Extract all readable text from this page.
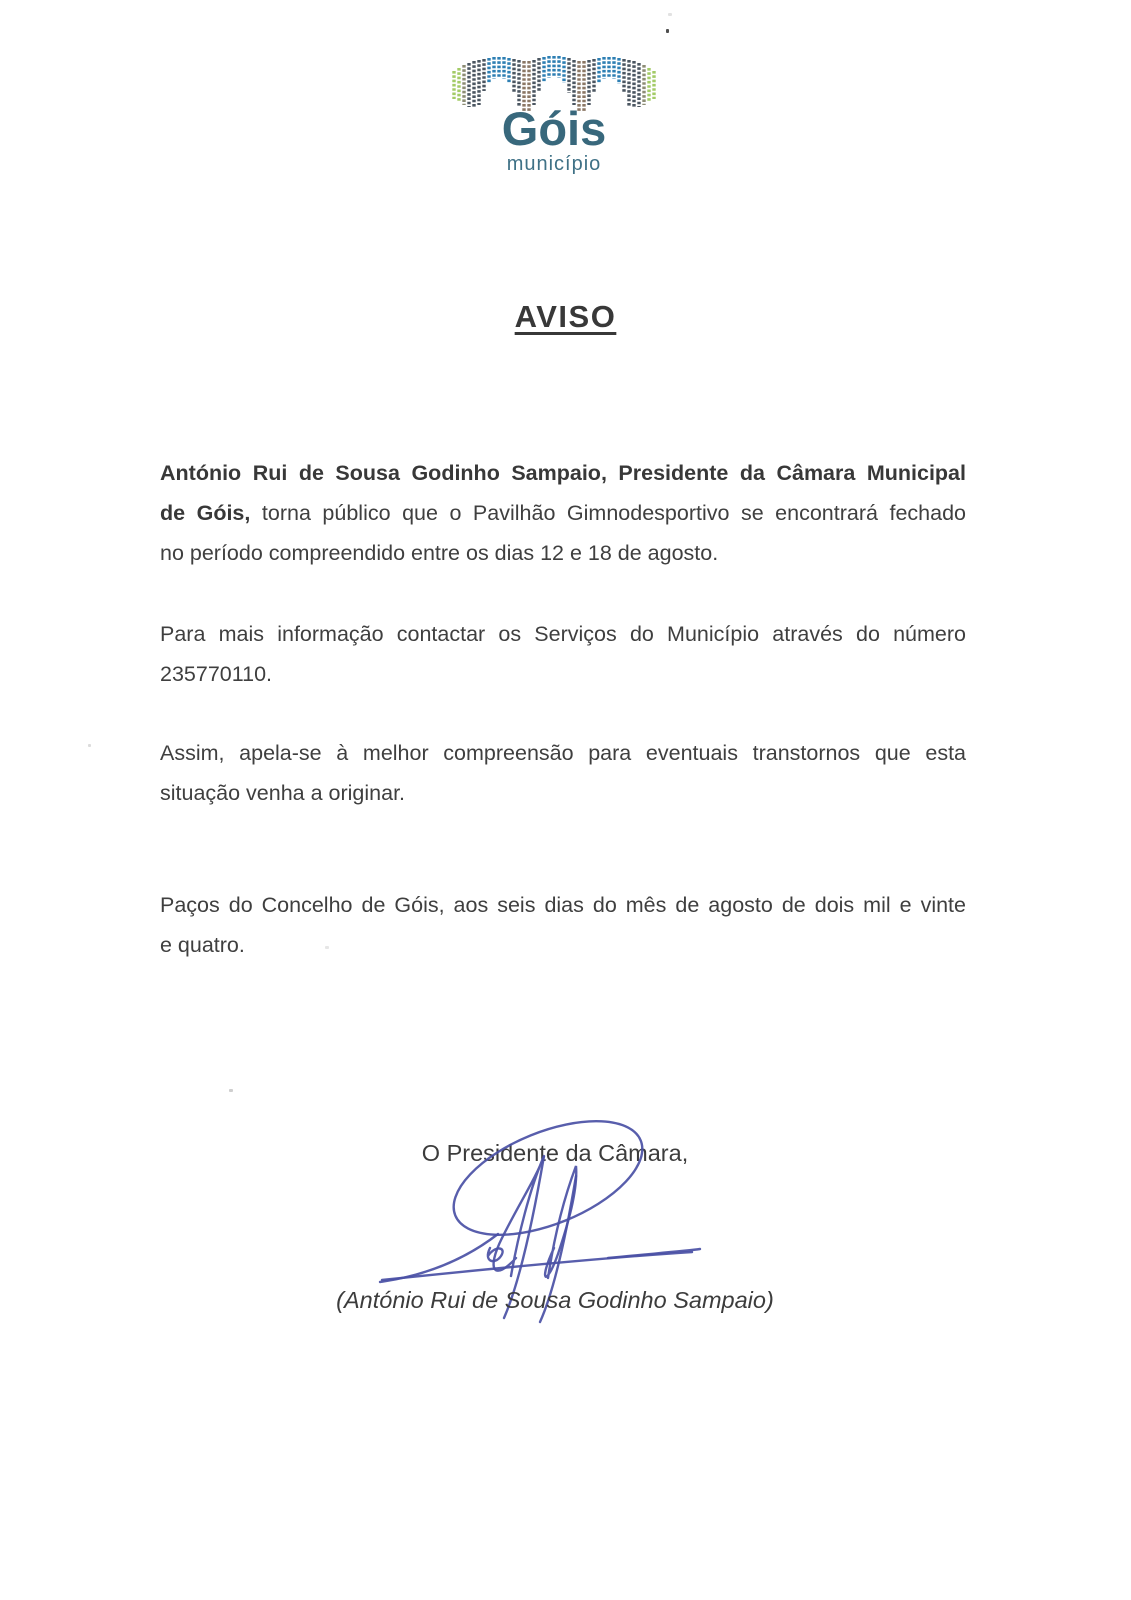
Góis
município
AVISO
António Rui de Sousa Godinho Sampaio, Presidente da Câmara Municipal
de Góis, torna público que o Pavilhão Gimnodesportivo se encontrará fechado
no período compreendido entre os dias 12 e 18 de agosto.
Para mais informação contactar os Serviços do Município através do número
235770110.
Assim, apela-se à melhor compreensão para eventuais transtornos que esta
situação venha a originar.
Paços do Concelho de Góis, aos seis dias do mês de agosto de dois mil e vinte
e quatro.
O Presidente da Câmara,
(António Rui de Sousa Godinho Sampaio)
